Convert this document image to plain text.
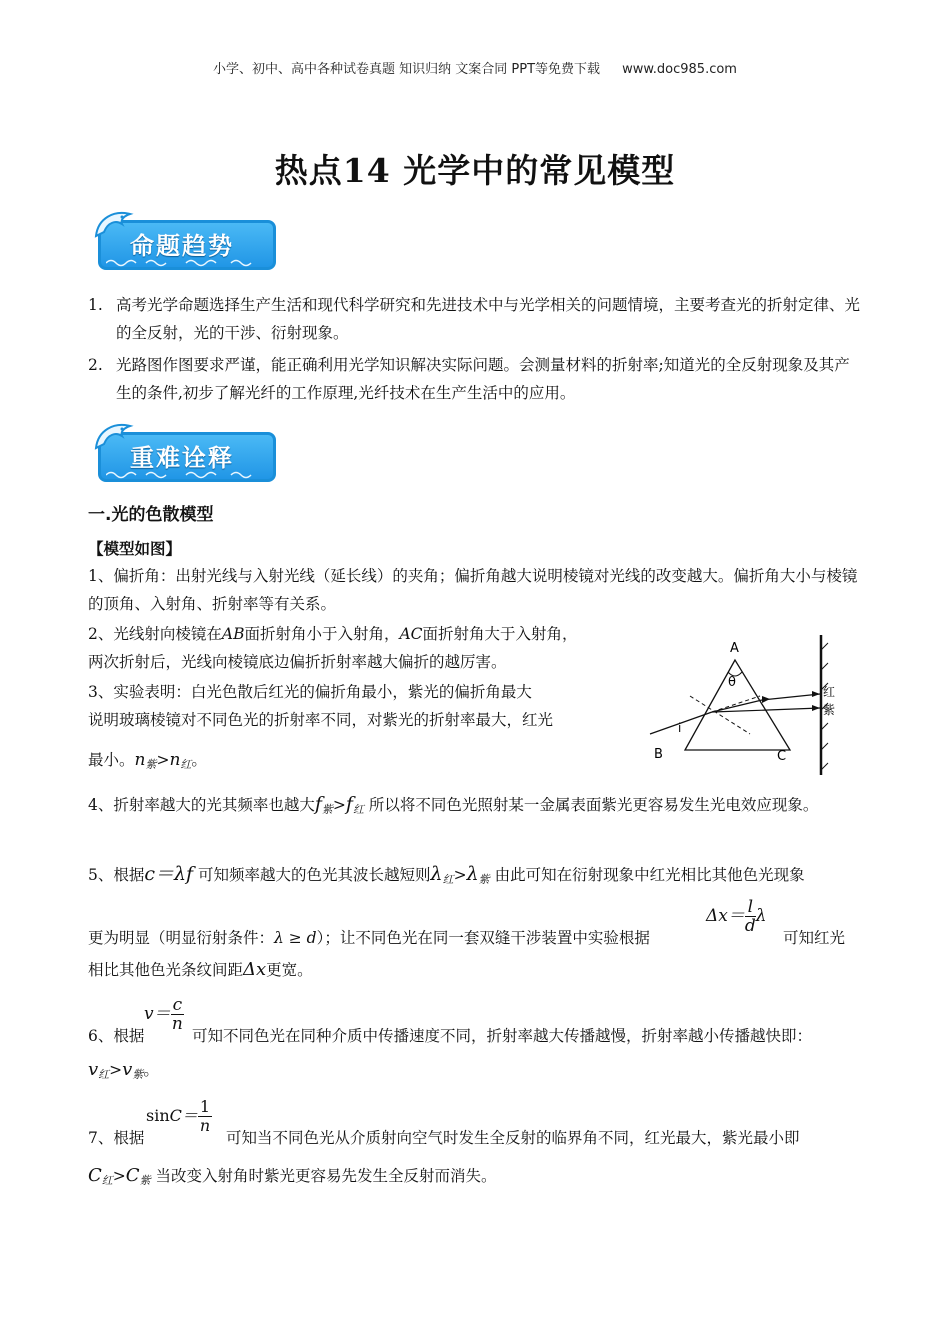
小学、初中、高中各种试卷真题 知识归纳 文案合同 PPT等免费下载 www.doc985.com
热点14 光学中的常见模型
命题趋势
1. 高考光学命题选择生产生活和现代科学研究和先进技术中与光学相关的问题情境，主要考查光的折射定律、光的全反射，光的干涉、衍射现象。
2. 光路图作图要求严谨，能正确利用光学知识解决实际问题。会测量材料的折射率;知道光的全反射现象及其产生的条件,初步了解光纤的工作原理,光纤技术在生产生活中的应用。
重难诠释
一.光的色散模型
【模型如图】
1、偏折角：出射光线与入射光线（延长线）的夹角；偏折角越大说明棱镜对光线的改变越大。偏折角大小与棱镜的顶角、入射角、折射率等有关系。
2、光线射向棱镜在AB面折射角小于入射角，AC面折射角大于入射角，
两次折射后，光线向棱镜底边偏折折射率越大偏折的越厉害。
3、实验表明：白光色散后红光的偏折角最小，紫光的偏折角最大
说明玻璃棱镜对不同色光的折射率不同，对紫光的折射率最大，红光
最小。$n_紫>n_红$。
A
B	C
θ
i
红
紫
4、折射率越大的光其频率也越大$f_紫>f_红$ 所以将不同色光照射某一金属表面紫光更容易发生光电效应现象。
5、根据c＝λf 可知频率越大的色光其波长越短则$\lambda_红>\lambda_紫$ 由此可知在衍射现象中红光相比其他色光现象
更为明显（明显衍射条件：λ ≥ d）；让不同色光在同一套双缝干涉装置中实验根据
$\Delta x= \frac{l}{d}$ λ
可知红光
相比其他色光条纹间距Δx更宽。
$v= \frac{c}{n}$
6、根据	可知不同色光在同种介质中传播速度不同，折射率越大传播越慢，折射率越小传播越快即：
$v_红>v_紫$。
$\sin C= \frac{1}{n}$
7、根据	可知当不同色光从介质射向空气时发生全反射的临界角不同，红光最大，紫光最小即
$C_红>C_紫$ 当改变入射角时紫光更容易先发生全反射而消失。
